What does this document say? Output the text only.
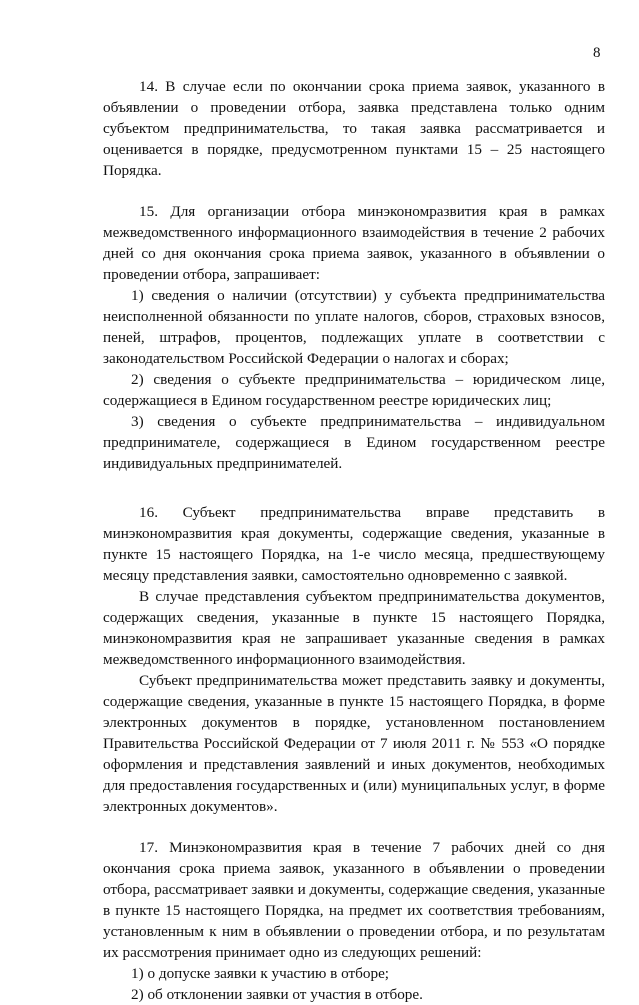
8

14. В случае если по окончании срока приема заявок, указанного в объявлении о проведении отбора, заявка представлена только одним субъектом предпринимательства, то такая заявка рассматривается и оценивается в порядке, предусмотренном пунктами 15 – 25 настоящего Порядка.

15. Для организации отбора минэкономразвития края в рамках межведомственного информационного взаимодействия в течение 2 рабочих дней со дня окончания срока приема заявок, указанного в объявлении о проведении отбора, запрашивает:

1) сведения о наличии (отсутствии) у субъекта предпринимательства неисполненной обязанности по уплате налогов, сборов, страховых взносов, пеней, штрафов, процентов, подлежащих уплате в соответствии с законодательством Российской Федерации о налогах и сборах;

2) сведения о субъекте предпринимательства – юридическом лице, содержащиеся в Едином государственном реестре юридических лиц;

3) сведения о субъекте предпринимательства – индивидуальном предпринимателе, содержащиеся в Едином государственном реестре индивидуальных предпринимателей.

16. Субъект предпринимательства вправе представить в минэкономразвития края документы, содержащие сведения, указанные в пункте 15 настоящего Порядка, на 1-е число месяца, предшествующему месяцу представления заявки, самостоятельно одновременно с заявкой.

В случае представления субъектом предпринимательства документов, содержащих сведения, указанные в пункте 15 настоящего Порядка, минэкономразвития края не запрашивает указанные сведения в рамках межведомственного информационного взаимодействия.

Субъект предпринимательства может представить заявку и документы, содержащие сведения, указанные в пункте 15 настоящего Порядка, в форме электронных документов в порядке, установленном постановлением Правительства Российской Федерации от 7 июля 2011 г. № 553 «О порядке оформления и представления заявлений и иных документов, необходимых для предоставления государственных и (или) муниципальных услуг, в форме электронных документов».

17. Минэкономразвития края в течение 7 рабочих дней со дня окончания срока приема заявок, указанного в объявлении о проведении отбора, рассматривает заявки и документы, содержащие сведения, указанные в пункте 15 настоящего Порядка, на предмет их соответствия требованиям, установленным к ним в объявлении о проведении отбора, и по результатам их рассмотрения принимает одно из следующих решений:

1) о допуске заявки к участию в отборе;

2) об отклонении заявки от участия в отборе.
